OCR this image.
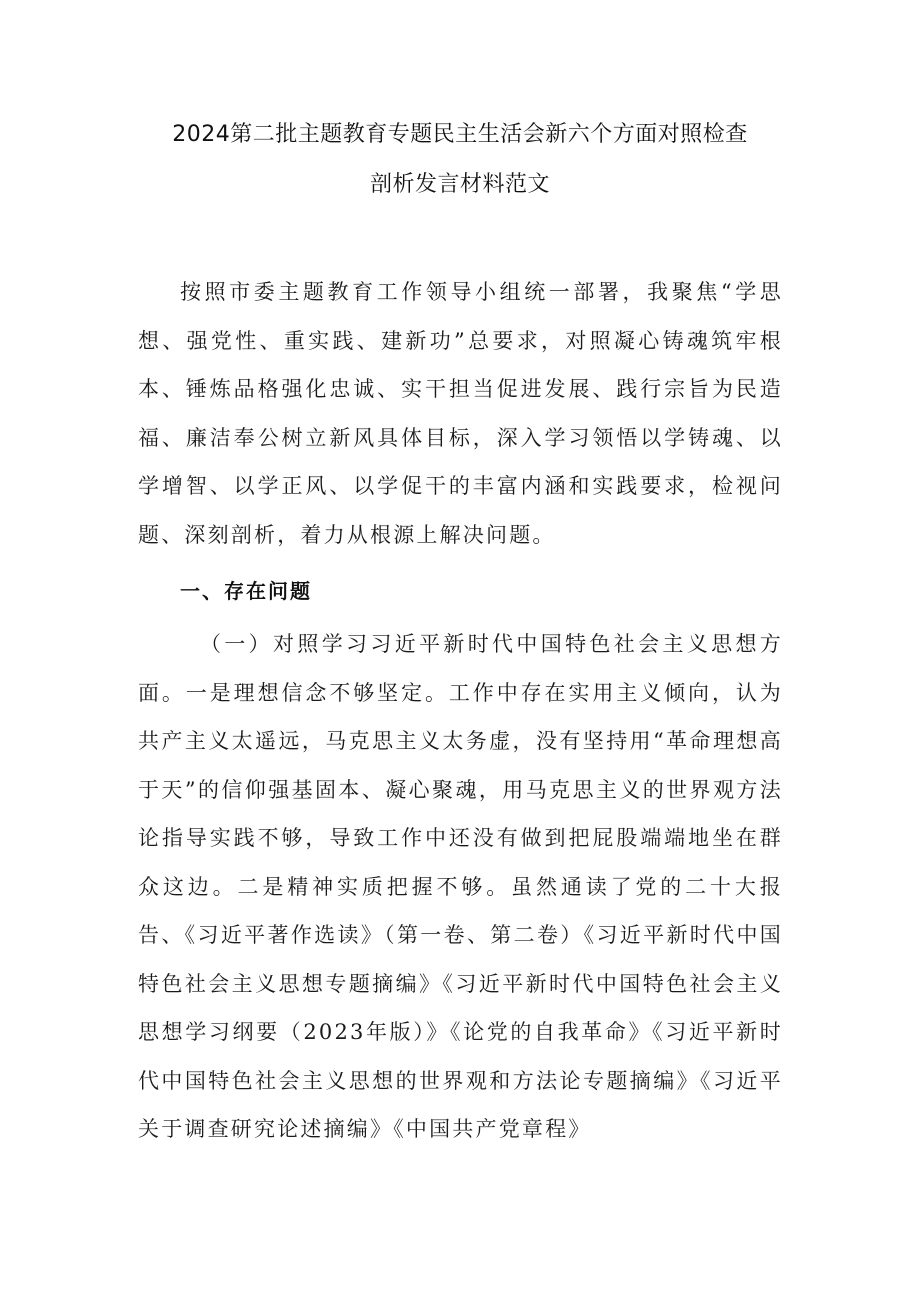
2024第二批主题教育专题民主生活会新六个方面对照检查
剖析发言材料范文

按照市委主题教育工作领导小组统一部署，我聚焦“学思想、强党性、重实践、建新功”总要求，对照凝心铸魂筑牢根本、锤炼品格强化忠诚、实干担当促进发展、践行宗旨为民造福、廉洁奉公树立新风具体目标，深入学习领悟以学铸魂、以学增智、以学正风、以学促干的丰富内涵和实践要求，检视问题、深刻剖析，着力从根源上解决问题。

一、存在问题

（一）对照学习习近平新时代中国特色社会主义思想方面。一是理想信念不够坚定。工作中存在实用主义倾向，认为共产主义太遥远，马克思主义太务虚，没有坚持用“革命理想高于天”的信仰强基固本、凝心聚魂，用马克思主义的世界观方法论指导实践不够，导致工作中还没有做到把屁股端端地坐在群众这边。二是精神实质把握不够。虽然通读了党的二十大报告、《习近平著作选读》（第一卷、第二卷）《习近平新时代中国特色社会主义思想专题摘编》《习近平新时代中国特色社会主义思想学习纲要（2023年版）》《论党的自我革命》《习近平新时代中国特色社会主义思想的世界观和方法论专题摘编》《习近平关于调查研究论述摘编》《中国共产党章程》
